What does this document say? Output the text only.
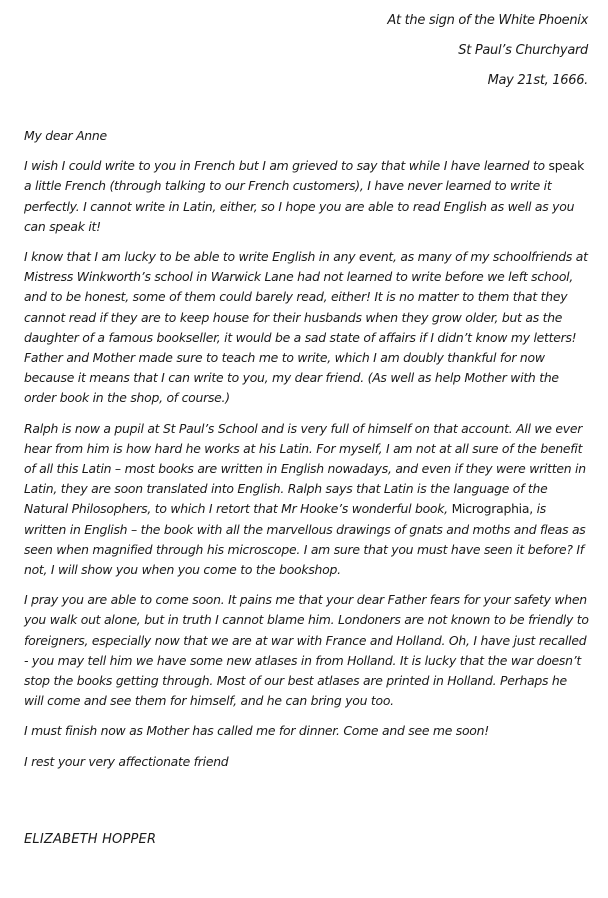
At the sign of the White Phoenix
St Paul’s Churchyard
May 21st, 1666.

My dear Anne

I wish I could write to you in French but I am grieved to say that while I have learned to speak a little French (through talking to our French customers), I have never learned to write it perfectly. I cannot write in Latin, either, so I hope you are able to read English as well as you can speak it!

I know that I am lucky to be able to write English in any event, as many of my schoolfriends at Mistress Winkworth’s school in Warwick Lane had not learned to write before we left school, and to be honest, some of them could barely read, either! It is no matter to them that they cannot read if they are to keep house for their husbands when they grow older, but as the daughter of a famous bookseller, it would be a sad state of affairs if I didn’t know my letters! Father and Mother made sure to teach me to write, which I am doubly thankful for now because it means that I can write to you, my dear friend. (As well as help Mother with the order book in the shop, of course.)

Ralph is now a pupil at St Paul’s School and is very full of himself on that account. All we ever hear from him is how hard he works at his Latin. For myself, I am not at all sure of the benefit of all this Latin – most books are written in English nowadays, and even if they were written in Latin, they are soon translated into English. Ralph says that Latin is the language of the Natural Philosophers, to which I retort that Mr Hooke’s wonderful book, Micrographia, is written in English – the book with all the marvellous drawings of gnats and moths and fleas as seen when magnified through his microscope. I am sure that you must have seen it before? If not, I will show you when you come to the bookshop.

I pray you are able to come soon. It pains me that your dear Father fears for your safety when you walk out alone, but in truth I cannot blame him. Londoners are not known to be friendly to foreigners, especially now that we are at war with France and Holland. Oh, I have just recalled - you may tell him we have some new atlases in from Holland. It is lucky that the war doesn’t stop the books getting through. Most of our best atlases are printed in Holland. Perhaps he will come and see them for himself, and he can bring you too.

I must finish now as Mother has called me for dinner. Come and see me soon!

I rest your very affectionate friend

ELIZABETH HOPPER
